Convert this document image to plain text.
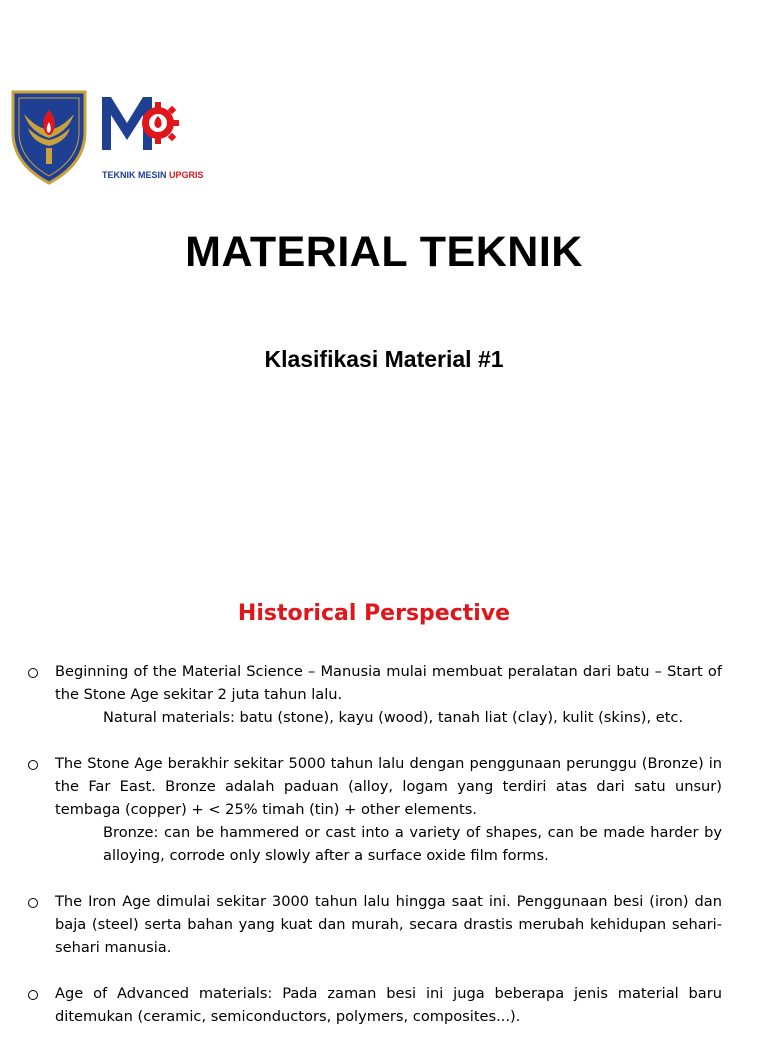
TEKNIK MESIN UPGRIS
MATERIAL TEKNIK
Klasifikasi Material #1
Historical Perspective
Beginning of the Material Science – Manusia mulai membuat peralatan dari batu – Start of the Stone Age sekitar 2 juta tahun lalu.
Natural materials: batu (stone), kayu (wood), tanah liat (clay), kulit (skins), etc.
The Stone Age berakhir sekitar 5000 tahun lalu dengan penggunaan perunggu (Bronze) in the Far East. Bronze adalah paduan (alloy, logam yang terdiri atas dari satu unsur) tembaga (copper) + < 25% timah (tin) + other elements.
Bronze: can be hammered or cast into a variety of shapes, can be made harder by alloying, corrode only slowly after a surface oxide film forms.
The Iron Age dimulai sekitar 3000 tahun lalu hingga saat ini. Penggunaan besi (iron) dan baja (steel) serta bahan yang kuat dan murah, secara drastis merubah kehidupan sehari-sehari manusia.
Age of Advanced materials: Pada zaman besi ini juga beberapa jenis material baru ditemukan (ceramic, semiconductors, polymers, composites...).
